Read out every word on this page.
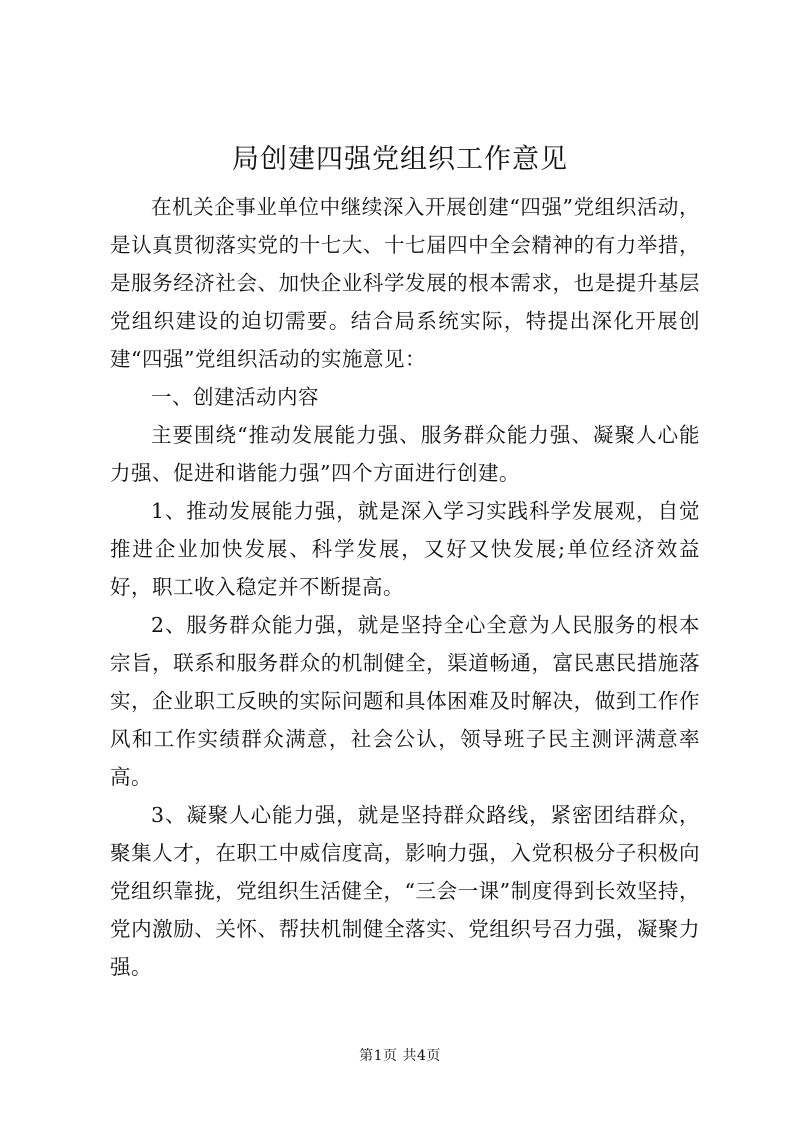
局创建四强党组织工作意见

在机关企事业单位中继续深入开展创建“四强”党组织活动，是认真贯彻落实党的十七大、十七届四中全会精神的有力举措，是服务经济社会、加快企业科学发展的根本需求，也是提升基层党组织建设的迫切需要。结合局系统实际，特提出深化开展创建“四强”党组织活动的实施意见：

一、创建活动内容

主要围绕“推动发展能力强、服务群众能力强、凝聚人心能力强、促进和谐能力强”四个方面进行创建。

1、推动发展能力强，就是深入学习实践科学发展观，自觉推进企业加快发展、科学发展，又好又快发展;单位经济效益好，职工收入稳定并不断提高。

2、服务群众能力强，就是坚持全心全意为人民服务的根本宗旨，联系和服务群众的机制健全，渠道畅通，富民惠民措施落实，企业职工反映的实际问题和具体困难及时解决，做到工作作风和工作实绩群众满意，社会公认，领导班子民主测评满意率高。

3、凝聚人心能力强，就是坚持群众路线，紧密团结群众，聚集人才，在职工中威信度高，影响力强，入党积极分子积极向党组织靠拢，党组织生活健全，“三会一课”制度得到长效坚持，党内激励、关怀、帮扶机制健全落实、党组织号召力强，凝聚力强。

第1页 共4页
